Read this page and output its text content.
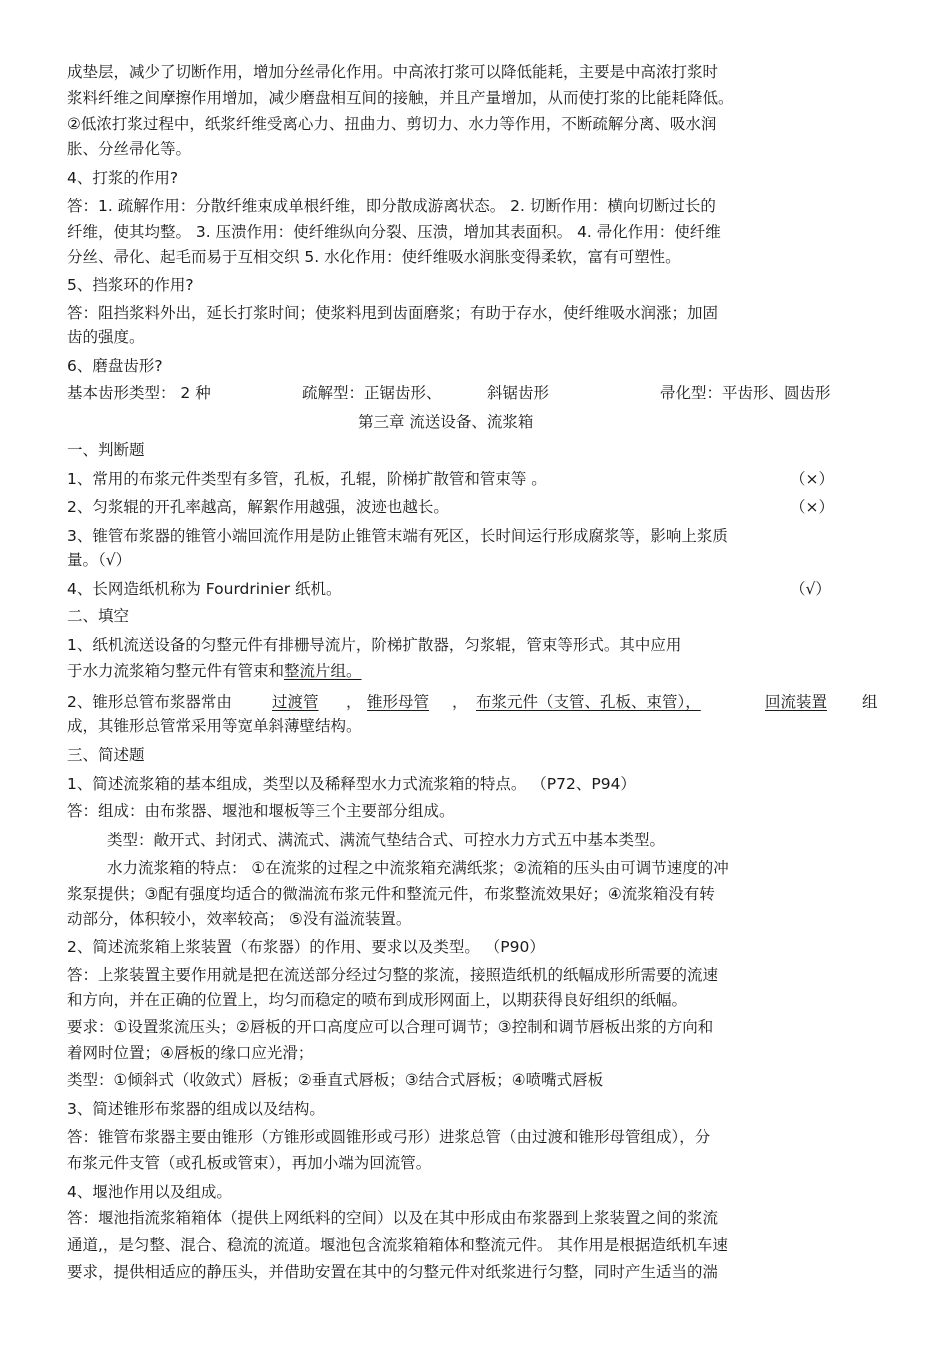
成垫层，减少了切断作用，增加分丝帚化作用。中高浓打浆可以降低能耗，主要是中高浓打浆时
浆料纤维之间摩擦作用增加，减少磨盘相互间的接触，并且产量增加，从而使打浆的比能耗降低。
②低浓打浆过程中，纸浆纤维受离心力、扭曲力、剪切力、水力等作用，不断疏解分离、吸水润
胀、分丝帚化等。
4、打浆的作用?
答：1. 疏解作用：分散纤维束成单根纤维，即分散成游离状态。 2. 切断作用：横向切断过长的
纤维，使其均整。 3. 压溃作用：使纤维纵向分裂、压溃，增加其表面积。 4. 帚化作用：使纤维
分丝、帚化、起毛而易于互相交织 5. 水化作用：使纤维吸水润胀变得柔软，富有可塑性。
5、挡浆环的作用?
答：阻挡浆料外出，延长打浆时间；使浆料甩到齿面磨浆；有助于存水，使纤维吸水润涨；加固
齿的强度。
6、磨盘齿形?
基本齿形类型： 2 种	疏解型：正锯齿形、	斜锯齿形	帚化型：平齿形、圆齿形
第三章 流送设备、流浆箱
一、判断题
1、常用的布浆元件类型有多管，孔板，孔辊，阶梯扩散管和管束等 。	（×）
2、匀浆辊的开孔率越高，解絮作用越强，波迹也越长。	（×）
3、锥管布浆器的锥管小端回流作用是防止锥管末端有死区，长时间运行形成腐浆等，影响上浆质
量。（√）
4、长网造纸机称为 Fourdrinier 纸机。	（√）
二、填空
1、纸机流送设备的匀整元件有排栅导流片，阶梯扩散器，匀浆辊，管束等形式。其中应用
于水力流浆箱匀整元件有管束和整流片组。
2、锥形总管布浆器常由	过渡管 ， 锥形母管 ， 布浆元件（支管、孔板、束管），	回流装置 组
成，其锥形总管常采用等宽单斜薄壁结构。
三、简述题
1、简述流浆箱的基本组成，类型以及稀释型水力式流浆箱的特点。 （P72、P94）
答：组成：由布浆器、堰池和堰板等三个主要部分组成。
类型：敞开式、封闭式、满流式、满流气垫结合式、可控水力方式五中基本类型。
水力流浆箱的特点： ①在流浆的过程之中流浆箱充满纸浆；②流箱的压头由可调节速度的冲
浆泵提供；③配有强度均适合的微湍流布浆元件和整流元件，布浆整流效果好；④流浆箱没有转
动部分，体积较小，效率较高； ⑤没有溢流装置。
2、简述流浆箱上浆装置（布浆器）的作用、要求以及类型。 （P90）
答：上浆装置主要作用就是把在流送部分经过匀整的浆流，接照造纸机的纸幅成形所需要的流速
和方向，并在正确的位置上，均匀而稳定的喷布到成形网面上，以期获得良好组织的纸幅。
要求：①设置浆流压头；②唇板的开口高度应可以合理可调节；③控制和调节唇板出浆的方向和
着网时位置；④唇板的缘口应光滑；
类型：①倾斜式（收敛式）唇板；②垂直式唇板；③结合式唇板；④喷嘴式唇板
3、简述锥形布浆器的组成以及结构。
答：锥管布浆器主要由锥形（方锥形或圆锥形或弓形）进浆总管（由过渡和锥形母管组成），分
布浆元件支管（或孔板或管束），再加小端为回流管。
4、堰池作用以及组成。
答：堰池指流浆箱箱体（提供上网纸料的空间）以及在其中形成由布浆器到上浆装置之间的浆流
通道,，是匀整、混合、稳流的流道。堰池包含流浆箱箱体和整流元件。 其作用是根据造纸机车速
要求，提供相适应的静压头，并借助安置在其中的匀整元件对纸浆进行匀整，同时产生适当的湍
